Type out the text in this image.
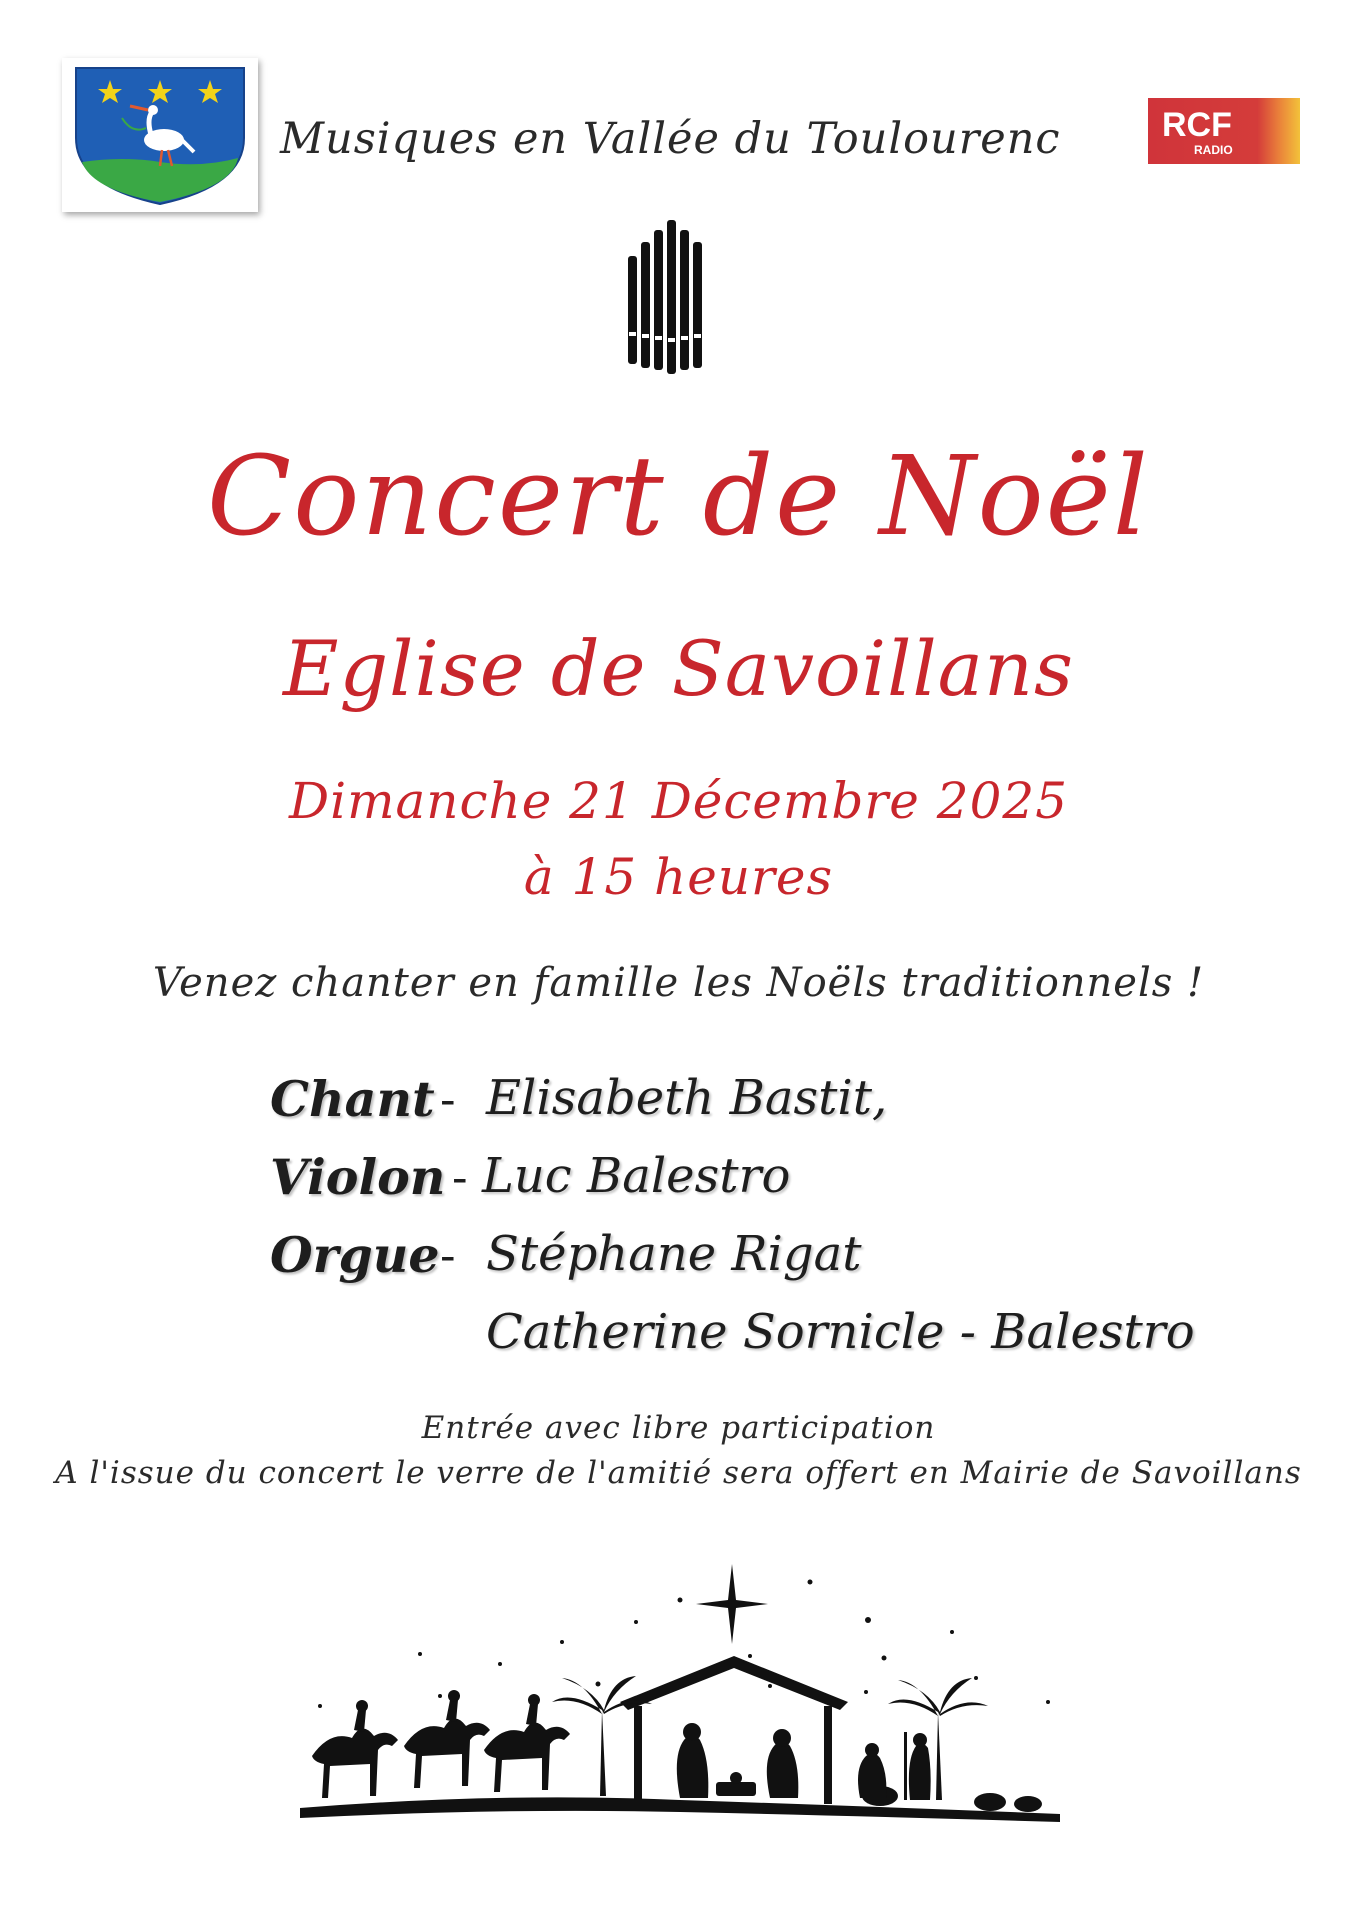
Musiques en Vallée du Toulourenc	RCF
RADIO
Concert de Noël
Eglise de Savoillans
Dimanche 21 Décembre 2025
à 15 heures
Venez chanter en famille les Noëls traditionnels !
Chant - Elisabeth Bastit,
Violon - Luc Balestro
Orgue - Stéphane Rigat
Catherine Sornicle - Balestro
Entrée avec libre participation
A l'issue du concert le verre de l'amitié sera offert en Mairie de Savoillans
